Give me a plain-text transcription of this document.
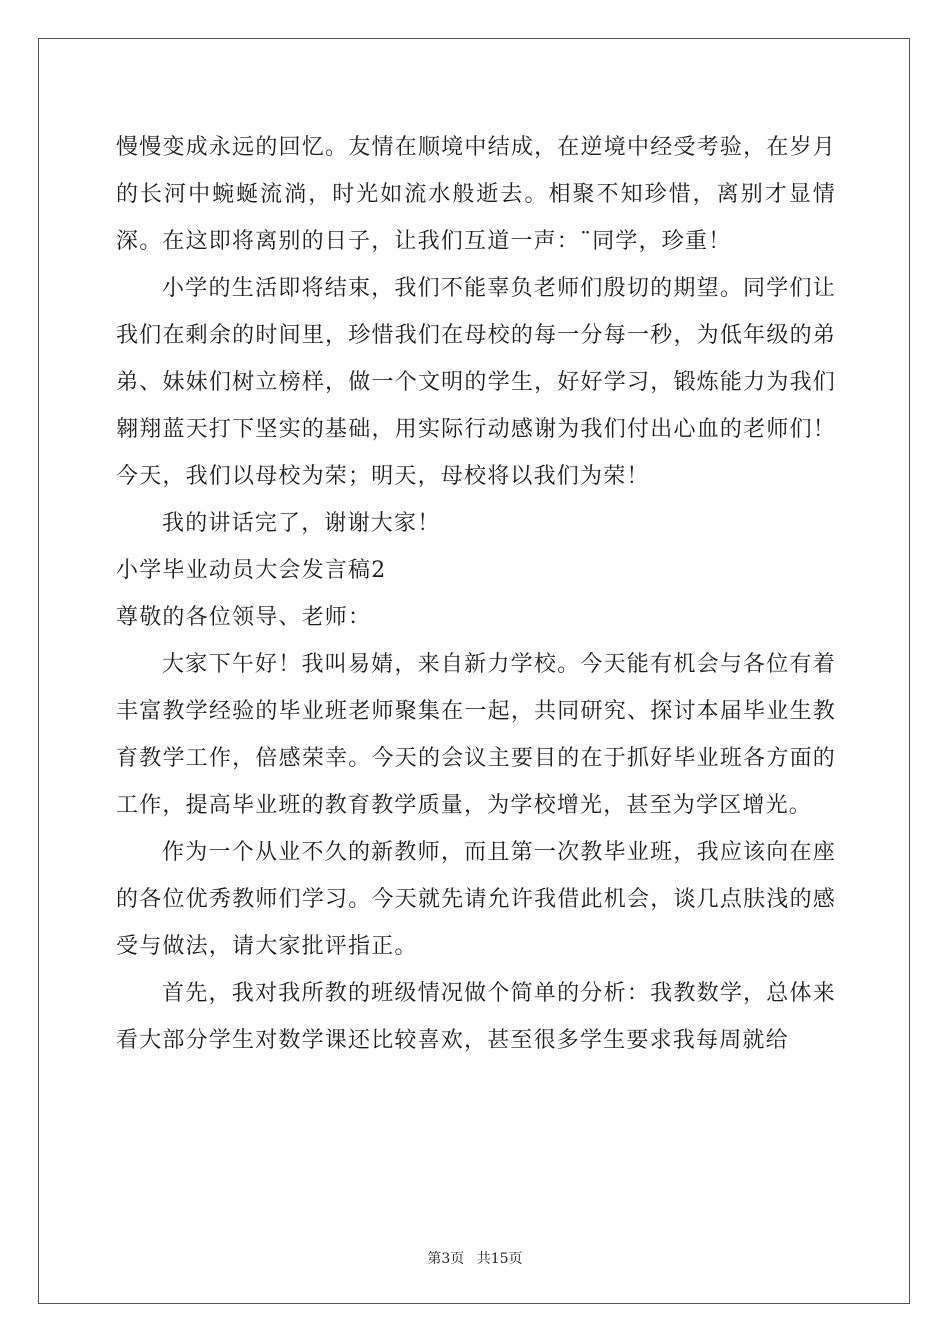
慢慢变成永远的回忆。友情在顺境中结成，在逆境中经受考验，在岁月的长河中蜿蜒流淌，时光如流水般逝去。相聚不知珍惜，离别才显情深。在这即将离别的日子，让我们互道一声：¨同学，珍重！

小学的生活即将结束，我们不能辜负老师们殷切的期望。同学们让我们在剩余的时间里，珍惜我们在母校的每一分每一秒，为低年级的弟弟、妹妹们树立榜样，做一个文明的学生，好好学习，锻炼能力为我们翱翔蓝天打下坚实的基础，用实际行动感谢为我们付出心血的老师们！今天，我们以母校为荣；明天，母校将以我们为荣！

我的讲话完了，谢谢大家！

小学毕业动员大会发言稿2

尊敬的各位领导、老师：

大家下午好！我叫易婧，来自新力学校。今天能有机会与各位有着丰富教学经验的毕业班老师聚集在一起，共同研究、探讨本届毕业生教育教学工作，倍感荣幸。今天的会议主要目的在于抓好毕业班各方面的工作，提高毕业班的教育教学质量，为学校增光，甚至为学区增光。

作为一个从业不久的新教师，而且第一次教毕业班，我应该向在座的各位优秀教师们学习。今天就先请允许我借此机会，谈几点肤浅的感受与做法，请大家批评指正。

首先，我对我所教的班级情况做个简单的分析：我教数学，总体来看大部分学生对数学课还比较喜欢，甚至很多学生要求我每周就给

第3页 共15页
